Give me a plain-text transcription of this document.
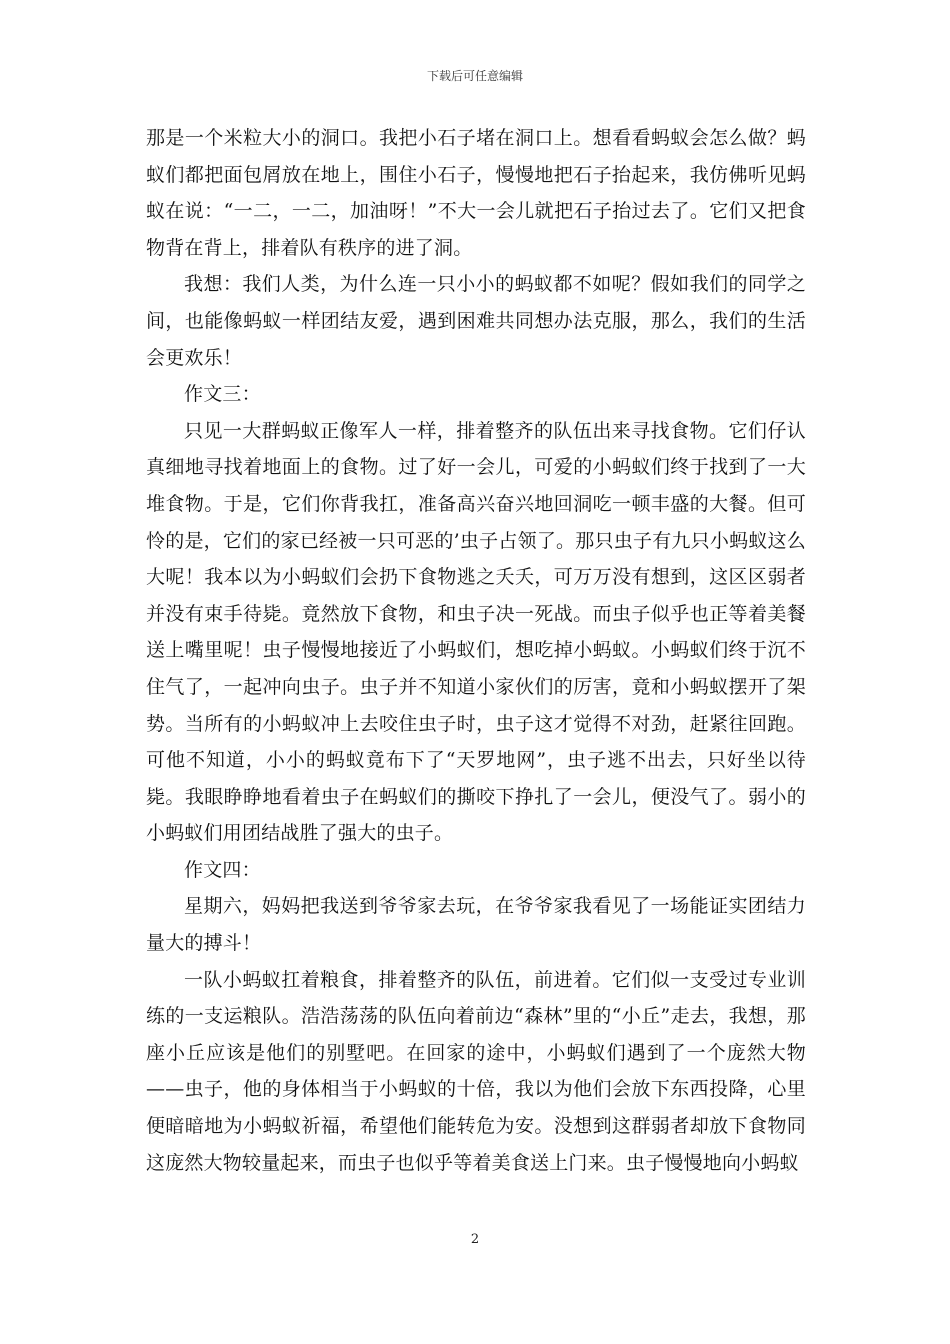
下载后可任意编辑

那是一个米粒大小的洞口。我把小石子堵在洞口上。想看看蚂蚁会怎么做？蚂蚁们都把面包屑放在地上，围住小石子，慢慢地把石子抬起来，我仿佛听见蚂蚁在说：“一二，一二，加油呀！”不大一会儿就把石子抬过去了。它们又把食物背在背上，排着队有秩序的进了洞。

我想：我们人类，为什么连一只小小的蚂蚁都不如呢？假如我们的同学之间，也能像蚂蚁一样团结友爱，遇到困难共同想办法克服，那么，我们的生活会更欢乐！

作文三：

只见一大群蚂蚁正像军人一样，排着整齐的队伍出来寻找食物。它们仔认真细地寻找着地面上的食物。过了好一会儿，可爱的小蚂蚁们终于找到了一大堆食物。于是，它们你背我扛，准备高兴奋兴地回洞吃一顿丰盛的大餐。但可怜的是，它们的家已经被一只可恶的’虫子占领了。那只虫子有九只小蚂蚁这么大呢！我本以为小蚂蚁们会扔下食物逃之夭夭，可万万没有想到，这区区弱者并没有束手待毙。竟然放下食物，和虫子决一死战。而虫子似乎也正等着美餐送上嘴里呢！虫子慢慢地接近了小蚂蚁们，想吃掉小蚂蚁。小蚂蚁们终于沉不住气了，一起冲向虫子。虫子并不知道小家伙们的厉害，竟和小蚂蚁摆开了架势。当所有的小蚂蚁冲上去咬住虫子时，虫子这才觉得不对劲，赶紧往回跑。可他不知道，小小的蚂蚁竟布下了“天罗地网”，虫子逃不出去，只好坐以待毙。我眼睁睁地看着虫子在蚂蚁们的撕咬下挣扎了一会儿，便没气了。弱小的小蚂蚁们用团结战胜了强大的虫子。

作文四：

星期六，妈妈把我送到爷爷家去玩，在爷爷家我看见了一场能证实团结力量大的搏斗！

一队小蚂蚁扛着粮食，排着整齐的队伍，前进着。它们似一支受过专业训练的一支运粮队。浩浩荡荡的队伍向着前边“森林”里的“小丘”走去，我想，那座小丘应该是他们的别墅吧。在回家的途中，小蚂蚁们遇到了一个庞然大物——虫子，他的身体相当于小蚂蚁的十倍，我以为他们会放下东西投降，心里便暗暗地为小蚂蚁祈福，希望他们能转危为安。没想到这群弱者却放下食物同这庞然大物较量起来，而虫子也似乎等着美食送上门来。虫子慢慢地向小蚂蚁

2
